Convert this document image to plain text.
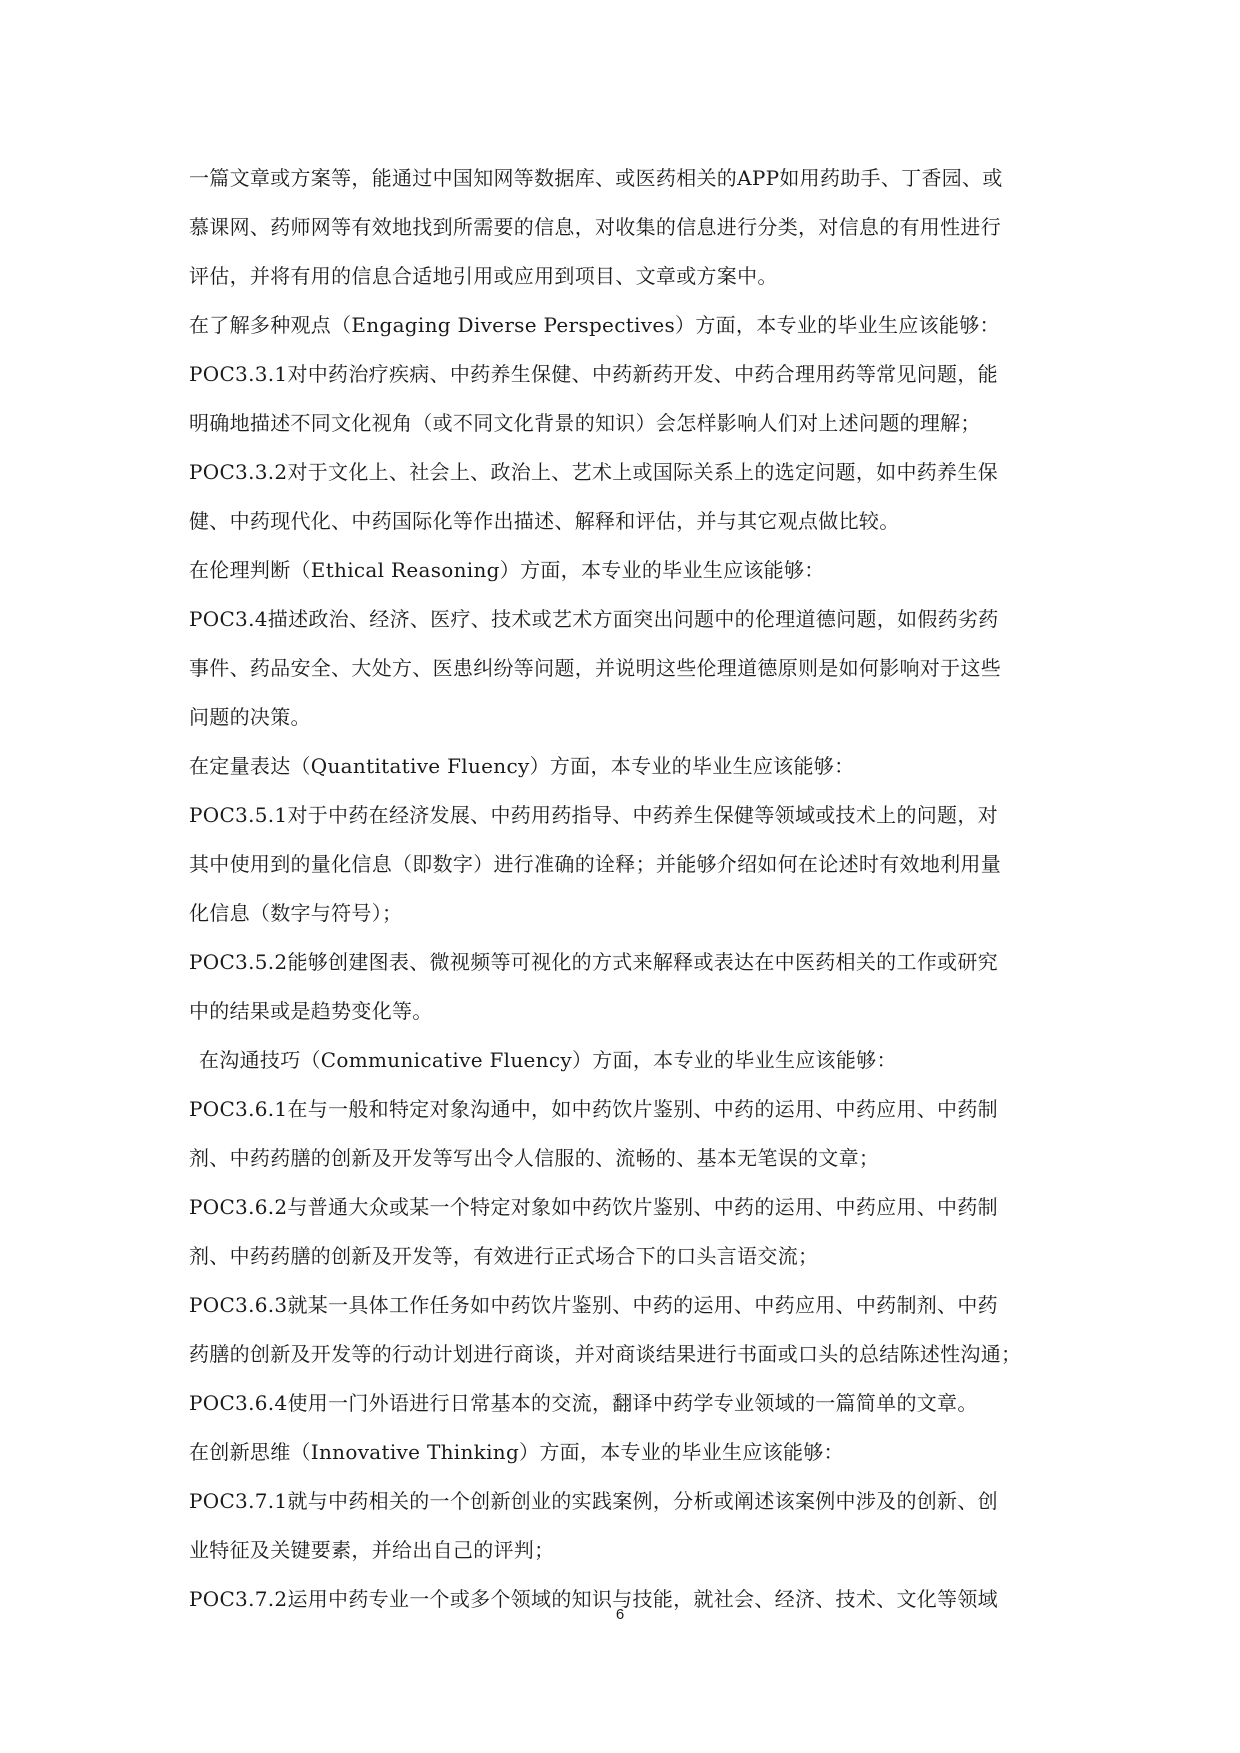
一篇文章或方案等，能通过中国知网等数据库、或医药相关的APP如用药助手、丁香园、或
慕课网、药师网等有效地找到所需要的信息，对收集的信息进行分类，对信息的有用性进行
评估，并将有用的信息合适地引用或应用到项目、文章或方案中。
在了解多种观点（Engaging Diverse Perspectives）方面，本专业的毕业生应该能够：
POC3.3.1对中药治疗疾病、中药养生保健、中药新药开发、中药合理用药等常见问题，能
明确地描述不同文化视角（或不同文化背景的知识）会怎样影响人们对上述问题的理解；
POC3.3.2对于文化上、社会上、政治上、艺术上或国际关系上的选定问题，如中药养生保
健、中药现代化、中药国际化等作出描述、解释和评估，并与其它观点做比较。
在伦理判断（Ethical Reasoning）方面，本专业的毕业生应该能够：
POC3.4描述政治、经济、医疗、技术或艺术方面突出问题中的伦理道德问题，如假药劣药
事件、药品安全、大处方、医患纠纷等问题，并说明这些伦理道德原则是如何影响对于这些
问题的决策。
在定量表达（Quantitative Fluency）方面，本专业的毕业生应该能够：
POC3.5.1对于中药在经济发展、中药用药指导、中药养生保健等领域或技术上的问题，对
其中使用到的量化信息（即数字）进行准确的诠释；并能够介绍如何在论述时有效地利用量
化信息（数字与符号）；
POC3.5.2能够创建图表、微视频等可视化的方式来解释或表达在中医药相关的工作或研究
中的结果或是趋势变化等。
在沟通技巧（Communicative Fluency）方面，本专业的毕业生应该能够：
POC3.6.1在与一般和特定对象沟通中，如中药饮片鉴别、中药的运用、中药应用、中药制
剂、中药药膳的创新及开发等写出令人信服的、流畅的、基本无笔误的文章；
POC3.6.2与普通大众或某一个特定对象如中药饮片鉴别、中药的运用、中药应用、中药制
剂、中药药膳的创新及开发等，有效进行正式场合下的口头言语交流；
POC3.6.3就某一具体工作任务如中药饮片鉴别、中药的运用、中药应用、中药制剂、中药
药膳的创新及开发等的行动计划进行商谈，并对商谈结果进行书面或口头的总结陈述性沟通；
POC3.6.4使用一门外语进行日常基本的交流，翻译中药学专业领域的一篇简单的文章。
在创新思维（Innovative Thinking）方面，本专业的毕业生应该能够：
POC3.7.1就与中药相关的一个创新创业的实践案例，分析或阐述该案例中涉及的创新、创
业特征及关键要素，并给出自己的评判；
POC3.7.2运用中药专业一个或多个领域的知识与技能，就社会、经济、技术、文化等领域
6
